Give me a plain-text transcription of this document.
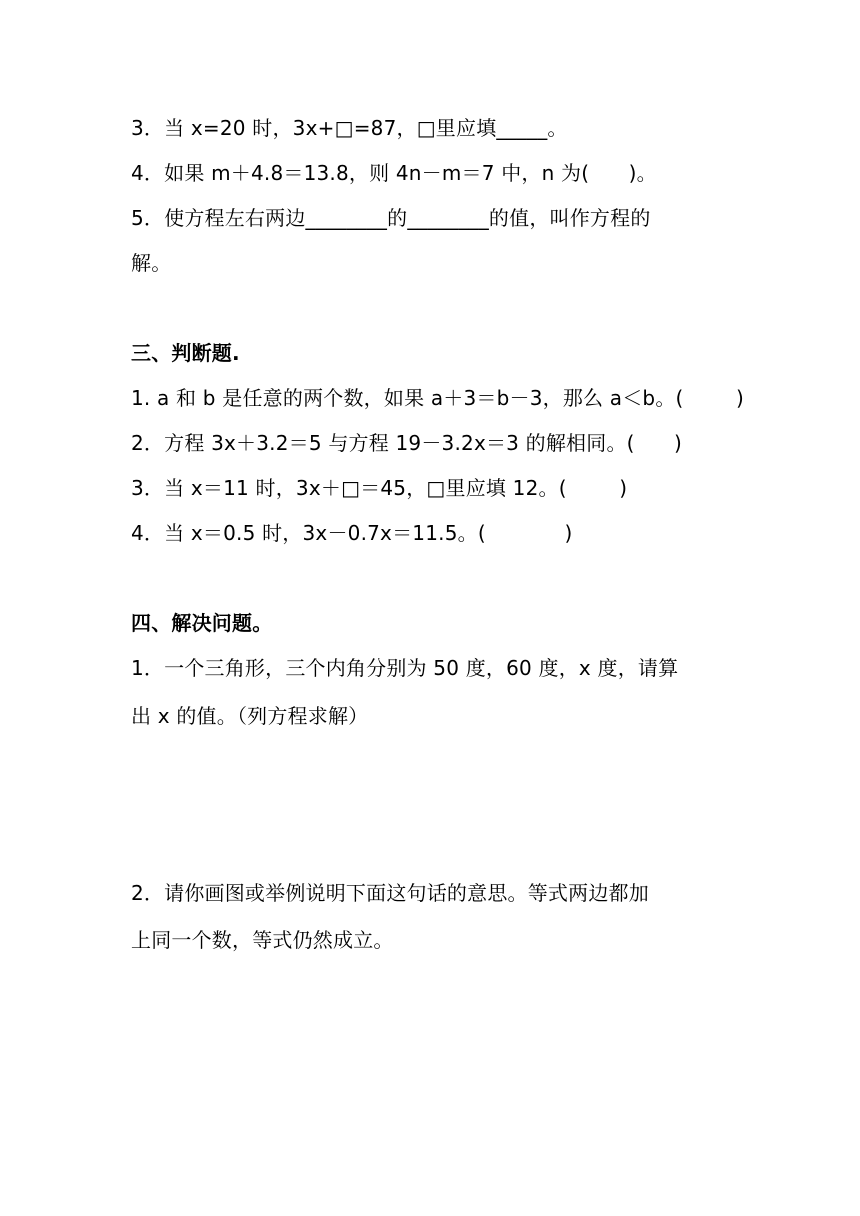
3．当 x=20 时，3x+□=87，□里应填_____。
4．如果 m＋4.8＝13.8，则 4n－m＝7 中，n 为(      )。
5．使方程左右两边________的________的值，叫作方程的
解。
三、判断题.
1. a 和 b 是任意的两个数，如果 a＋3＝b－3，那么 a＜b。(        )
2．方程 3x＋3.2＝5 与方程 19－3.2x＝3 的解相同。(      )
3．当 x＝11 时，3x＋□＝45，□里应填 12。(        )
4．当 x＝0.5 时，3x－0.7x＝11.5。(            )
四、解决问题。
1．一个三角形，三个内角分别为 50 度，60 度，x 度，请算
出 x 的值。（列方程求解）
2．请你画图或举例说明下面这句话的意思。等式两边都加
上同一个数，等式仍然成立。
